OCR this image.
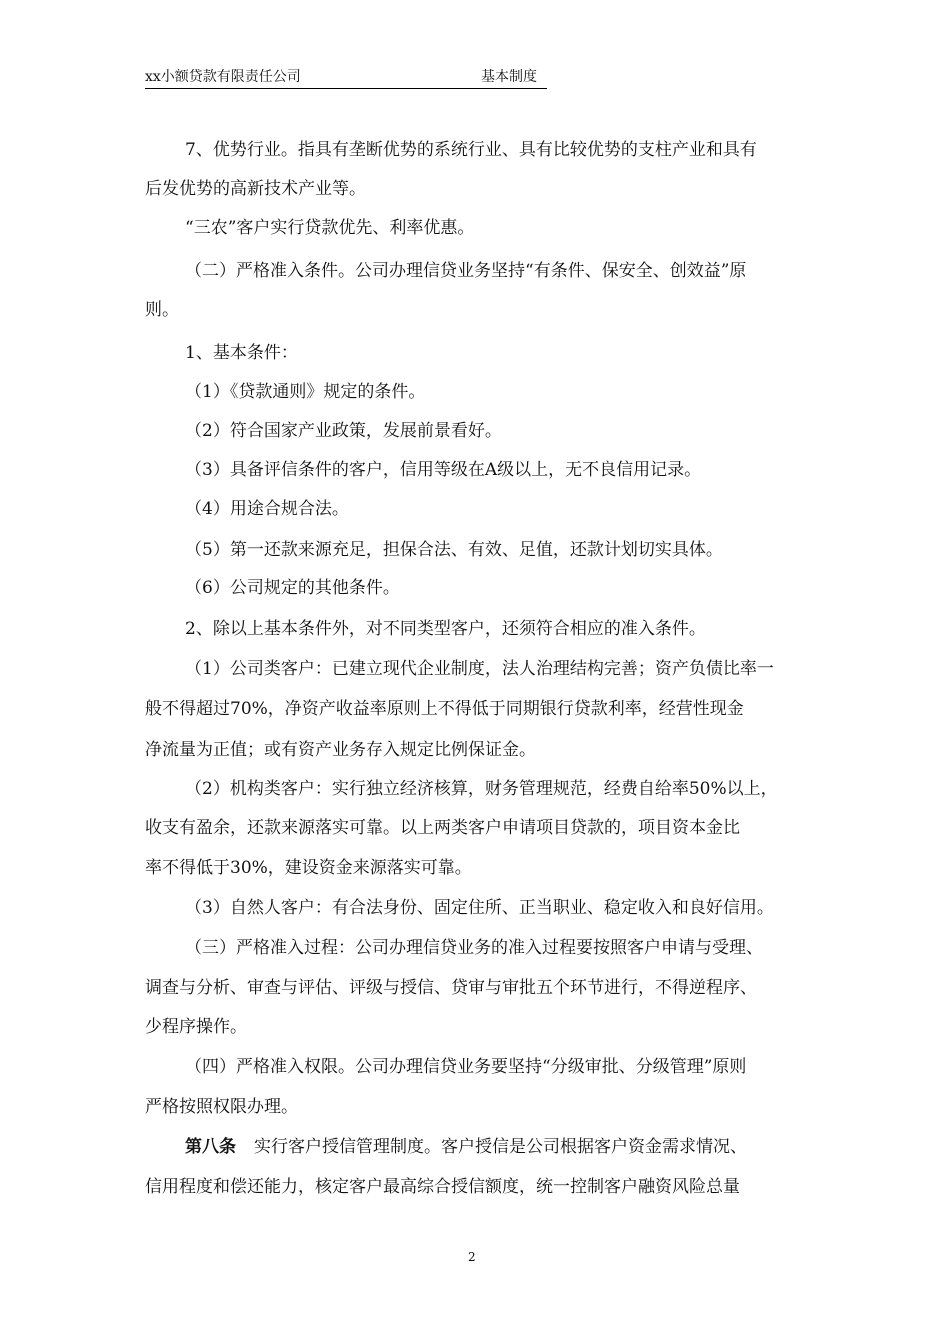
xx小额贷款有限责任公司	基本制度
7、优势行业。指具有垄断优势的系统行业、具有比较优势的支柱产业和具有
后发优势的高新技术产业等。
“三农”客户实行贷款优先、利率优惠。
（二）严格准入条件。公司办理信贷业务坚持“有条件、保安全、创效益”原
则。
1、基本条件：
（1）《贷款通则》规定的条件。
（2）符合国家产业政策，发展前景看好。
（3）具备评信条件的客户，信用等级在A级以上，无不良信用记录。
（4）用途合规合法。
（5）第一还款来源充足，担保合法、有效、足值，还款计划切实具体。
（6）公司规定的其他条件。
2、除以上基本条件外，对不同类型客户，还须符合相应的准入条件。
（1）公司类客户：已建立现代企业制度，法人治理结构完善；资产负债比率一
般不得超过70%，净资产收益率原则上不得低于同期银行贷款利率，经营性现金
净流量为正值；或有资产业务存入规定比例保证金。
（2）机构类客户：实行独立经济核算，财务管理规范，经费自给率50%以上，
收支有盈余，还款来源落实可靠。以上两类客户申请项目贷款的，项目资本金比
率不得低于30%，建设资金来源落实可靠。
（3）自然人客户：有合法身份、固定住所、正当职业、稳定收入和良好信用。
（三）严格准入过程：公司办理信贷业务的准入过程要按照客户申请与受理、
调查与分析、审查与评估、评级与授信、贷审与审批五个环节进行，不得逆程序、
少程序操作。
（四）严格准入权限。公司办理信贷业务要坚持“分级审批、分级管理”原则
严格按照权限办理。
第八条 实行客户授信管理制度。客户授信是公司根据客户资金需求情况、
信用程度和偿还能力，核定客户最高综合授信额度，统一控制客户融资风险总量
2
